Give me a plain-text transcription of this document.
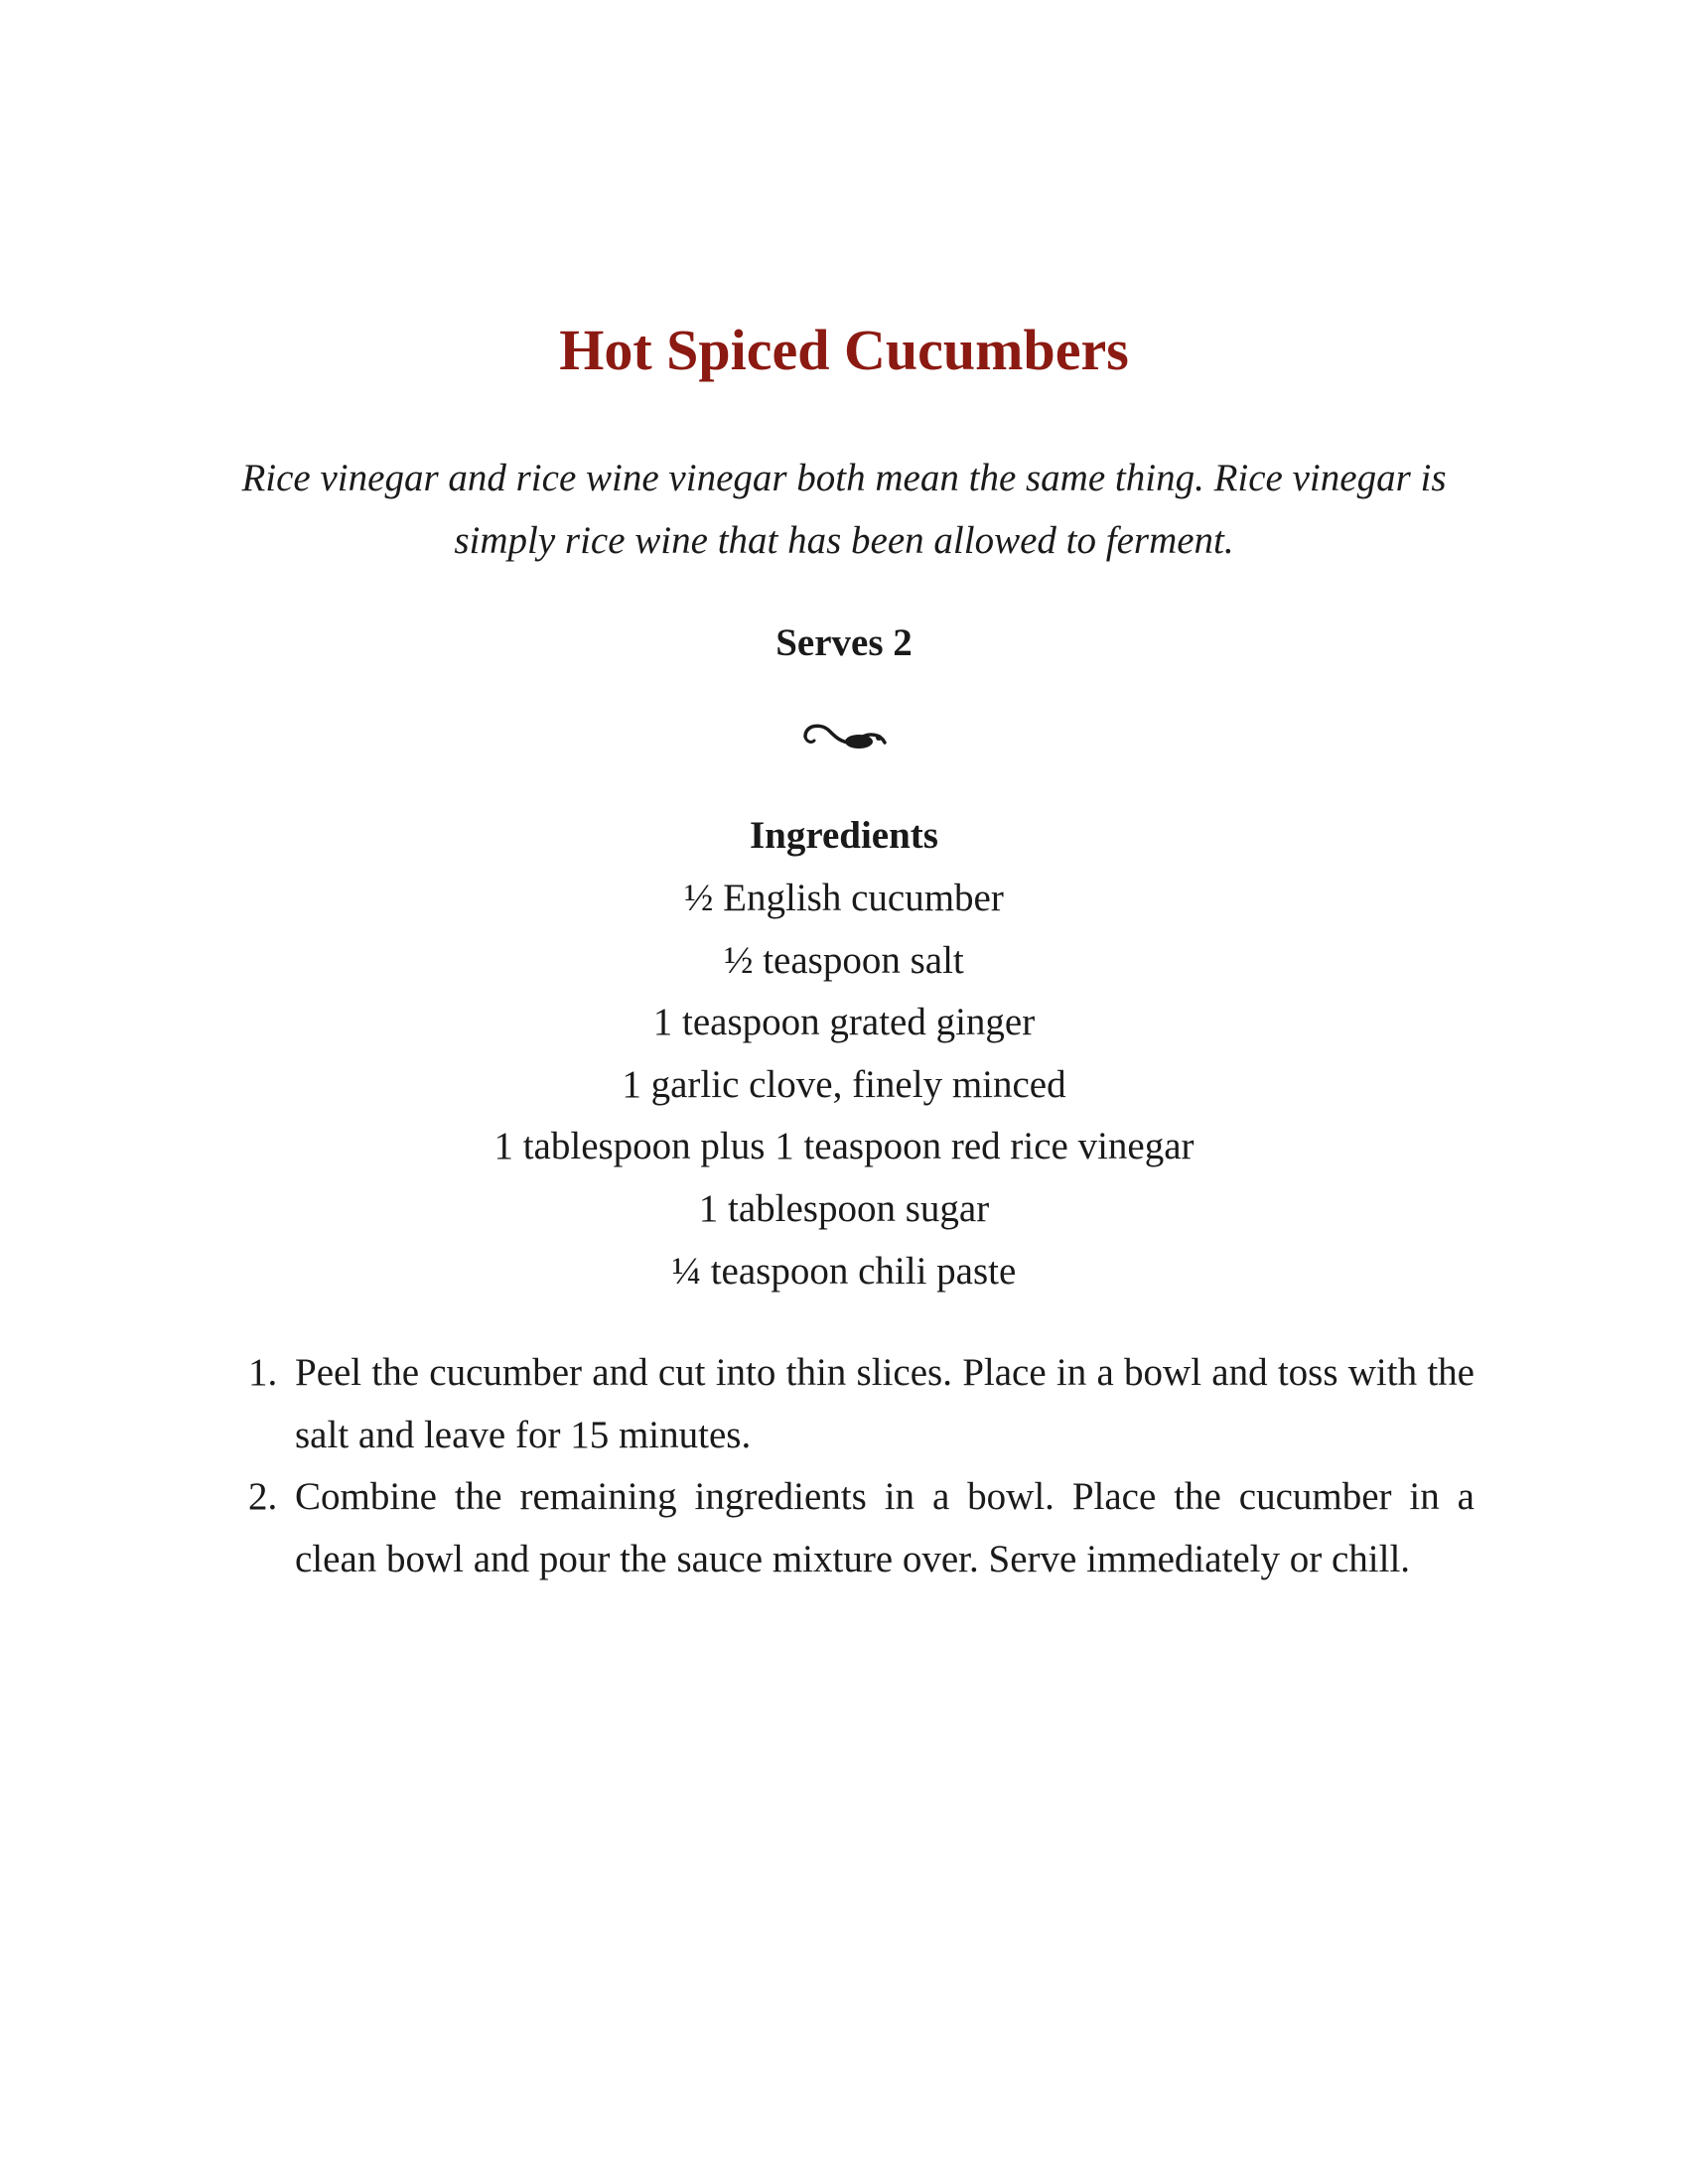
Hot Spiced Cucumbers

Rice vinegar and rice wine vinegar both mean the same thing. Rice vinegar is simply rice wine that has been allowed to ferment.

Serves 2
Ingredients
½ English cucumber
½ teaspoon salt
1 teaspoon grated ginger
1 garlic clove, finely minced
1 tablespoon plus 1 teaspoon red rice vinegar
1 tablespoon sugar
¼ teaspoon chili paste
1. Peel the cucumber and cut into thin slices. Place in a bowl and toss with the salt and leave for 15 minutes.
2. Combine the remaining ingredients in a bowl. Place the cucumber in a clean bowl and pour the sauce mixture over. Serve immediately or chill.
